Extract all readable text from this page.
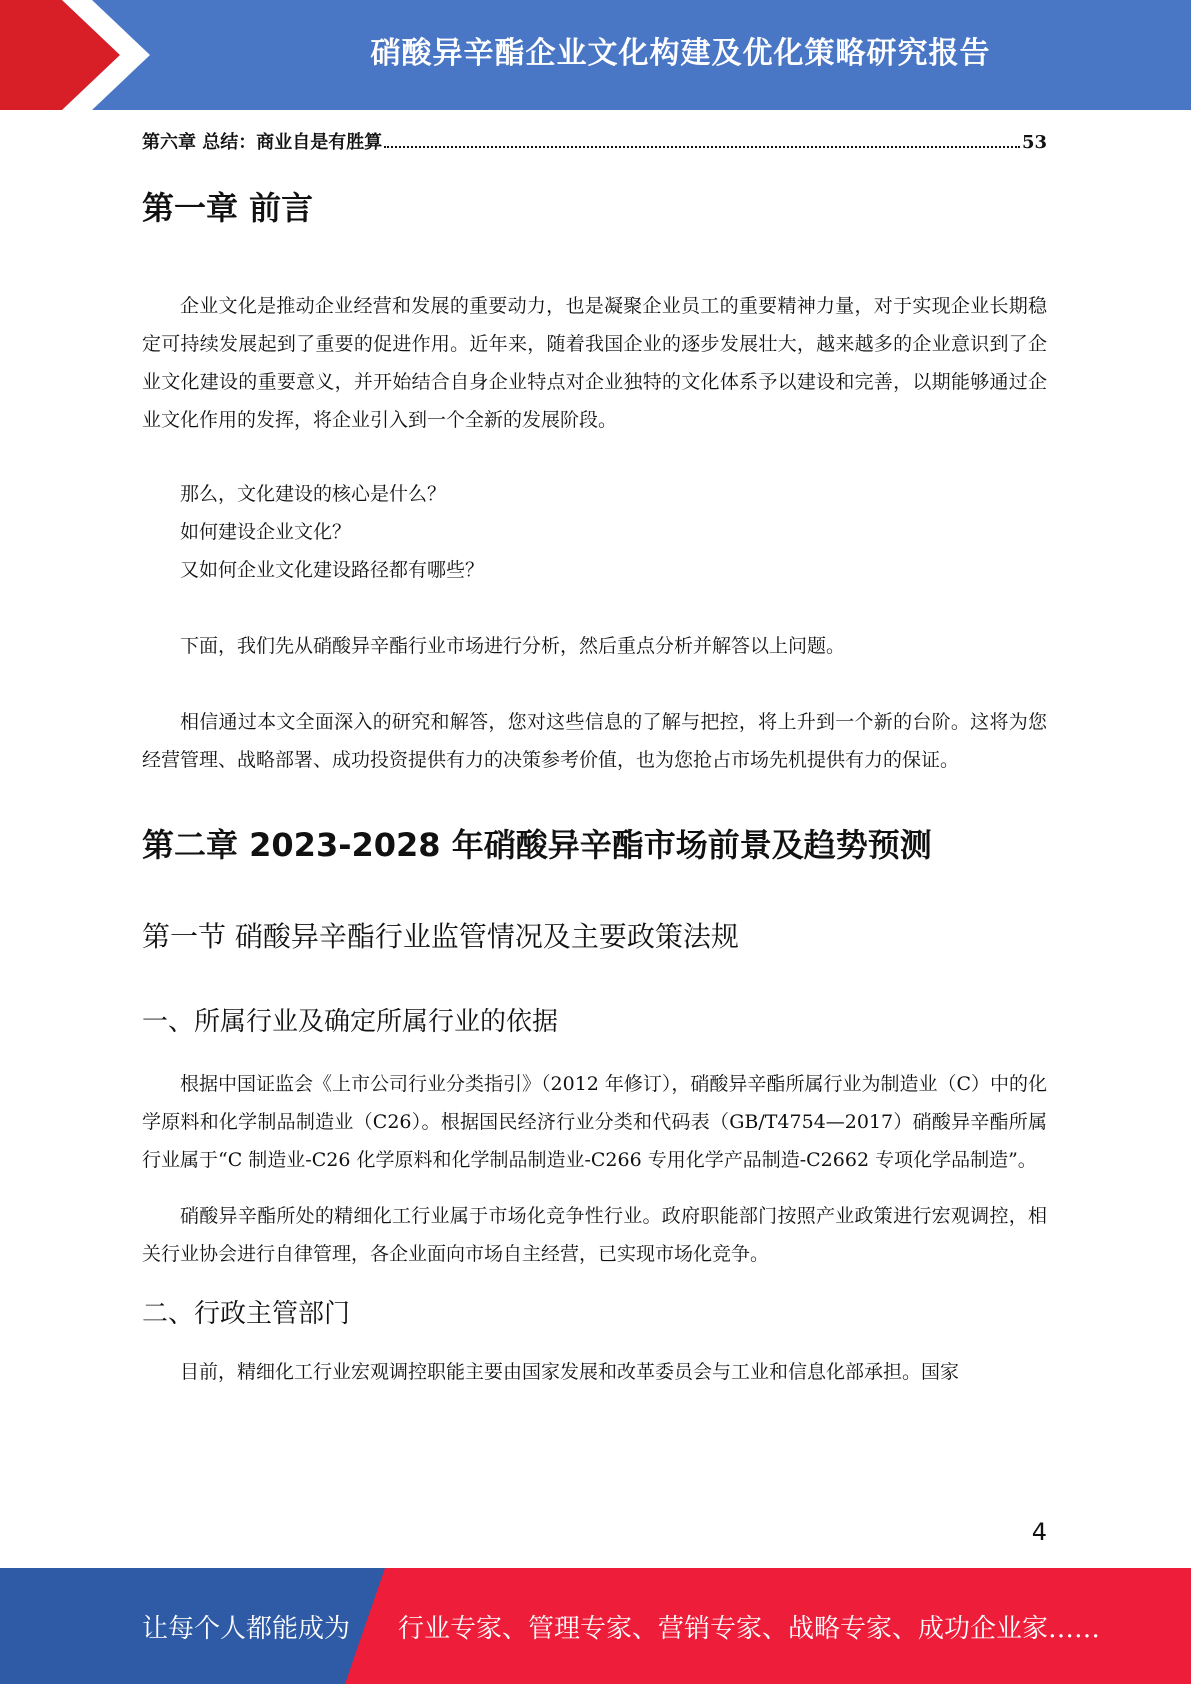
硝酸异辛酯企业文化构建及优化策略研究报告
第六章 总结：商业自是有胜算	53
第一章 前言

企业文化是推动企业经营和发展的重要动力，也是凝聚企业员工的重要精神力量，对于实现企业长期稳定可持续发展起到了重要的促进作用。近年来，随着我国企业的逐步发展壮大，越来越多的企业意识到了企业文化建设的重要意义，并开始结合自身企业特点对企业独特的文化体系予以建设和完善，以期能够通过企业文化作用的发挥，将企业引入到一个全新的发展阶段。

那么，文化建设的核心是什么？

如何建设企业文化？

又如何企业文化建设路径都有哪些？

下面，我们先从硝酸异辛酯行业市场进行分析，然后重点分析并解答以上问题。

相信通过本文全面深入的研究和解答，您对这些信息的了解与把控，将上升到一个新的台阶。这将为您经营管理、战略部署、成功投资提供有力的决策参考价值，也为您抢占市场先机提供有力的保证。

第二章 2023-2028 年硝酸异辛酯市场前景及趋势预测
第一节 硝酸异辛酯行业监管情况及主要政策法规
一、所属行业及确定所属行业的依据

根据中国证监会《上市公司行业分类指引》（2012 年修订），硝酸异辛酯所属行业为制造业（C）中的化学原料和化学制品制造业（C26）。根据国民经济行业分类和代码表（GB/T4754—2017）硝酸异辛酯所属行业属于“C 制造业-C26 化学原料和化学制品制造业-C266 专用化学产品制造-C2662 专项化学品制造”。

硝酸异辛酯所处的精细化工行业属于市场化竞争性行业。政府职能部门按照产业政策进行宏观调控，相关行业协会进行自律管理，各企业面向市场自主经营，已实现市场化竞争。

二、行政主管部门

目前，精细化工行业宏观调控职能主要由国家发展和改革委员会与工业和信息化部承担。国家

4
让每个人都能成为 行业专家、管理专家、营销专家、战略专家、成功企业家……
